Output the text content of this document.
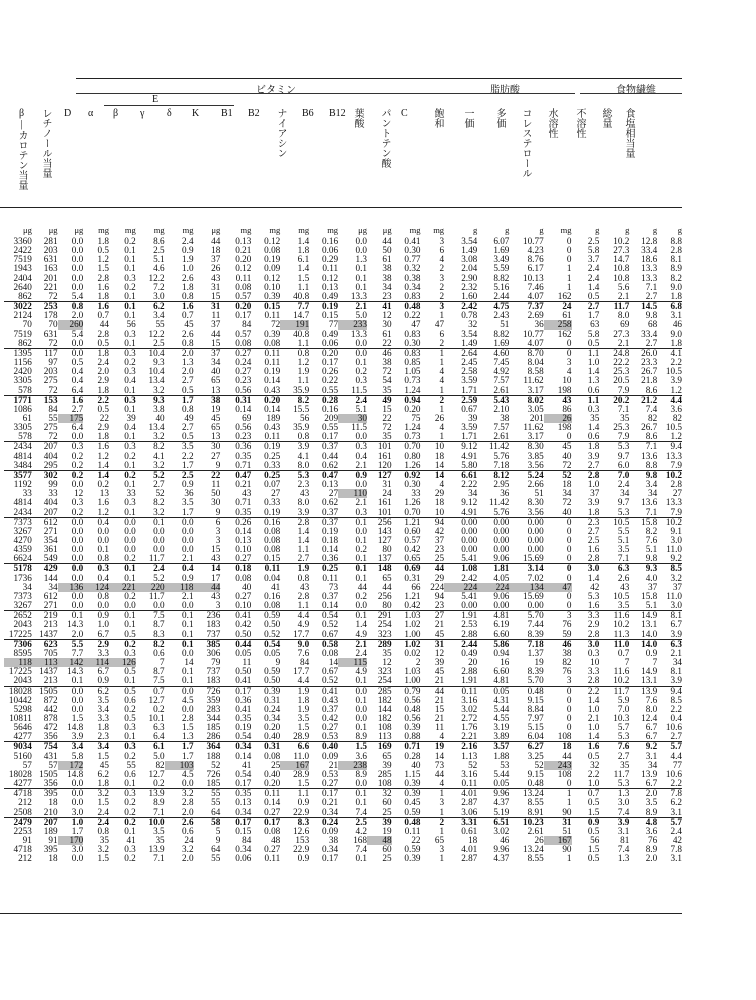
ビタミン	脂肪酸	食物繊維
E
β|カロテン当量 レチノール当量 D α β γ δ K B1 B2 ナイアシン B6 B12 葉酸 パントテン酸 C 飽和 一価 多価 コレステロール 水溶性 不溶性 総量 食塩相当量
μg	μg	μg	mg	mg	mg	mg	μg	mg	mg	mg	mg	μg	μg	mg	mg	g	g	g	mg	g	g	g	g
3360	281	0.0	1.8	0.2	8.6	2.4	44	0.13	0.12	1.4	0.16	0.0	44	0.41	3	3.54	6.07	10.77	0	2.5	10.2	12.8	8.8
2422	203	0.0	0.5	0.1	2.5	0.9	18	0.21	0.08	1.8	0.06	0.0	50	0.30	6	1.49	1.69	4.23	0	5.8	27.3	33.4	2.8
7519	631	0.0	1.2	0.1	5.1	1.9	37	0.20	0.19	6.1	0.29	1.3	61	0.77	4	3.08	3.49	8.76	0	3.7	14.7	18.6	8.1
1943	163	0.0	1.5	0.1	4.6	1.0	26	0.12	0.09	1.4	0.11	0.1	38	0.32	2	2.04	5.59	6.17	1	2.4	10.8	13.3	8.9
2404	201	0.0	2.8	0.3	12.2	2.6	43	0.11	0.12	1.5	0.12	0.1	38	0.38	3	2.90	8.82	10.13	1	2.4	10.8	13.3	8.2
2640	221	0.0	1.6	0.2	7.2	1.8	31	0.08	0.10	1.1	0.13	0.1	34	0.34	2	2.32	5.16	7.46	1	1.4	5.6	7.1	9.0
862	72	5.4	1.8	0.1	3.0	0.8	15	0.57	0.39	40.8	0.49	13.3	23	0.83	2	1.60	2.44	4.07	162	0.5	2.1	2.7	1.8
3022	253	0.8	1.6	0.1	6.2	1.6	31	0.20	0.15	7.7	0.19	2.1	41	0.48	3	2.42	4.75	7.37	24	2.7	11.7	14.5	6.8
2124	178	2.0	0.7	0.1	3.4	0.7	11	0.17	0.11	14.7	0.15	5.0	12	0.22	1	0.78	2.43	2.69	61	1.7	8.0	9.8	3.1
70	70	260	44	56	55	45	37	84	72	191	77	233	30	47	47	32	51	36	258	63	69	68	46
7519	631	5.4	2.8	0.3	12.2	2.6	44	0.57	0.39	40.8	0.49	13.3	61	0.83	6	3.54	8.82	10.77	162	5.8	27.3	33.4	9.0
862	72	0.0	0.5	0.1	2.5	0.8	15	0.08	0.08	1.1	0.06	0.0	22	0.30	2	1.49	1.69	4.07	0	0.5	2.1	2.7	1.8
1395	117	0.0	1.8	0.3	10.4	2.0	37	0.27	0.11	0.8	0.20	0.0	46	0.83	1	2.64	4.60	8.70	0	1.1	24.8	26.0	4.1
1156	97	0.5	2.4	0.2	9.3	1.3	34	0.24	0.11	1.2	0.17	0.1	38	0.85	1	2.45	7.45	8.04	3	1.0	22.2	23.3	2.2
2420	203	0.4	2.0	0.3	10.4	2.0	40	0.27	0.19	1.9	0.26	0.2	72	1.05	4	2.58	4.92	8.58	4	1.4	25.3	26.7	10.5
3305	275	0.4	2.9	0.4	13.4	2.7	65	0.23	0.14	1.1	0.22	0.3	54	0.73	4	3.59	7.57	11.62	10	1.3	20.5	21.8	3.9
578	72	6.4	1.8	0.1	3.2	0.5	13	0.56	0.43	35.9	0.55	11.5	35	1.24	1	1.71	2.61	3.17	198	0.6	7.9	8.6	1.2
1771	153	1.6	2.2	0.3	9.3	1.7	38	0.31	0.20	8.2	0.28	2.4	49	0.94	2	2.59	5.43	8.02	43	1.1	20.2	21.2	4.4
1086	84	2.7	0.5	0.1	3.8	0.8	19	0.14	0.14	15.5	0.16	5.1	15	0.20	1	0.67	2.10	3.05	86	0.3	7.1	7.4	3.6
61	55	175	22	39	40	49	45	69	189	56	209	30	22	75	26	39	38	201	26	35	35	82	82
3305	275	6.4	2.9	0.4	13.4	2.7	65	0.56	0.43	35.9	0.55	11.5	72	1.24	4	3.59	7.57	11.62	198	1.4	25.3	26.7	10.5
578	72	0.0	1.8	0.1	3.2	0.5	13	0.23	0.11	0.8	0.17	0.0	35	0.73	1	1.71	2.61	3.17	0	0.6	7.9	8.6	1.2
2434	207	0.3	1.6	0.3	8.2	3.5	30	0.36	0.19	3.9	0.37	0.3	101	0.70	10	9.12	11.42	8.30	45	1.8	5.3	7.1	9.4
4814	404	0.2	1.2	0.2	4.1	2.2	27	0.35	0.25	4.1	0.44	0.4	161	0.80	18	4.91	5.76	3.85	40	3.9	9.7	13.6	13.3
3484	295	0.2	1.4	0.1	3.2	1.7	9	0.71	0.33	8.0	0.62	2.1	120	1.26	14	5.80	7.18	3.56	72	2.7	6.0	8.8	7.9
3577	302	0.2	1.4	0.2	5.2	2.5	22	0.47	0.25	5.3	0.47	0.9	127	0.92	14	6.61	8.12	5.24	52	2.8	7.0	9.8	10.2
1192	99	0.0	0.2	0.1	2.7	0.9	11	0.21	0.07	2.3	0.13	0.0	31	0.30	4	2.22	2.95	2.66	18	1.0	2.4	3.4	2.8
33	33	12	13	33	52	36	50	43	27	43	27	110	24	33	29	34	36	51	34	37	34	34	27
4814	404	0.3	1.6	0.3	8.2	3.5	30	0.71	0.33	8.0	0.62	2.1	161	1.26	18	9.12	11.42	8.30	72	3.9	9.7	13.6	13.3
2434	207	0.2	1.2	0.1	3.2	1.7	9	0.35	0.19	3.9	0.37	0.3	101	0.70	10	4.91	5.76	3.56	40	1.8	5.3	7.1	7.9
7373	612	0.0	0.4	0.0	0.1	0.0	6	0.26	0.16	2.8	0.37	0.1	256	1.21	94	0.00	0.00	0.00	0	2.3	10.5	15.8	10.2
3267	271	0.0	0.0	0.0	0.0	0.0	3	0.14	0.08	1.4	0.19	0.0	143	0.60	42	0.00	0.00	0.00	0	2.7	5.5	8.2	9.1
4270	354	0.0	0.0	0.0	0.0	0.0	3	0.13	0.08	1.4	0.18	0.1	127	0.57	37	0.00	0.00	0.00	0	2.5	5.1	7.6	3.0
4359	361	0.0	0.1	0.0	0.0	0.0	15	0.10	0.08	1.1	0.14	0.2	80	0.42	23	0.00	0.00	0.00	0	1.6	3.5	5.1	11.0
6624	549	0.0	0.8	0.2	11.7	2.1	43	0.27	0.15	2.7	0.36	0.1	137	0.65	25	5.41	9.06	15.69	0	2.8	7.1	9.8	9.2
5178	429	0.0	0.3	0.1	2.4	0.4	14	0.18	0.11	1.9	0.25	0.1	148	0.69	44	1.08	1.81	3.14	0	3.0	6.3	9.3	8.5
1736	144	0.0	0.4	0.1	5.2	0.9	17	0.08	0.04	0.8	0.11	0.1	65	0.31	29	2.42	4.05	7.02	0	1.4	2.6	4.0	3.2
34	34	136	124	221	220	118	44	40	41	43	73	44	44	66	224	224	224	134	47	42	43	37	37
7373	612	0.0	0.8	0.2	11.7	2.1	43	0.27	0.16	2.8	0.37	0.2	256	1.21	94	5.41	9.06	15.69	0	5.3	10.5	15.8	11.0
3267	271	0.0	0.0	0.0	0.0	0.0	3	0.10	0.08	1.1	0.14	0.0	80	0.42	23	0.00	0.00	0.00	0	1.6	3.5	5.1	3.0
2652	219	0.1	0.9	0.1	7.5	0.1	236	0.41	0.59	4.4	0.54	0.1	291	1.03	27	1.91	4.81	5.70	3	3.3	11.6	14.9	8.1
2043	213	14.3	1.0	0.1	8.7	0.1	183	0.42	0.50	4.9	0.52	1.4	254	1.02	21	2.53	6.19	7.44	76	2.9	10.2	13.1	6.7
17225	1437	2.0	6.7	0.5	8.3	0.1	737	0.50	0.52	17.7	0.67	4.9	323	1.00	45	2.88	6.60	8.39	59	2.8	11.3	14.0	3.9
7306	623	5.5	2.9	0.2	8.2	0.1	385	0.44	0.54	9.0	0.58	2.1	289	1.02	31	2.44	5.86	7.18	46	3.0	11.0	14.0	6.3
8595	705	7.7	3.3	0.3	0.6	0.0	306	0.05	0.05	7.6	0.08	2.4	35	0.02	12	0.49	0.94	1.37	38	0.3	0.7	0.9	2.1
118	113	142	114	126	7	14	79	11	9	84	14	115	12	2	39	20	16	19	82	10	7	7	34
17225	1437	14.3	6.7	0.5	8.7	0.1	737	0.50	0.59	17.7	0.67	4.9	323	1.03	45	2.88	6.60	8.39	76	3.3	11.6	14.9	8.1
2043	213	0.1	0.9	0.1	7.5	0.1	183	0.41	0.50	4.4	0.52	0.1	254	1.00	21	1.91	4.81	5.70	3	2.8	10.2	13.1	3.9
18028	1505	0.0	6.2	0.5	0.7	0.0	726	0.17	0.39	1.9	0.41	0.0	285	0.79	44	0.11	0.05	0.48	0	2.2	11.7	13.9	9.4
10442	872	0.0	3.5	0.6	12.7	4.5	359	0.36	0.31	1.8	0.43	0.1	182	0.56	21	3.16	4.31	9.15	0	1.4	5.9	7.6	8.5
5298	442	0.0	3.4	0.2	0.2	0.0	283	0.41	0.24	1.9	0.37	0.0	144	0.48	15	3.02	5.44	8.84	0	1.0	7.0	8.0	2.2
10811	878	1.5	3.3	0.5	10.1	2.8	344	0.35	0.34	3.5	0.42	0.0	182	0.56	21	2.72	4.55	7.97	0	2.1	10.3	12.4	0.4
5646	472	14.8	1.8	0.3	6.3	1.5	185	0.19	0.20	1.5	0.27	0.1	108	0.39	11	1.76	3.19	5.15	0	1.0	5.7	6.7	10.6
4277	356	3.9	2.3	0.1	6.4	1.3	286	0.54	0.40	28.9	0.53	8.9	113	0.88	4	2.21	3.89	6.04	108	1.4	5.3	6.7	2.7
9034	754	3.4	3.4	0.3	6.1	1.7	364	0.34	0.31	6.6	0.40	1.5	169	0.71	19	2.16	3.57	6.27	18	1.6	7.6	9.2	5.7
5160	431	5.8	1.5	0.2	5.0	1.7	188	0.14	0.08	11.0	0.09	3.6	65	0.28	14	1.13	1.88	3.25	44	0.5	2.7	3.1	4.4
57	57	172	45	55	82	103	52	41	25	167	21	238	39	40	73	52	53	52	243	32	35	34	77
18028	1505	14.8	6.2	0.6	12.7	4.5	726	0.54	0.40	28.9	0.53	8.9	285	1.15	44	3.16	5.44	9.15	108	2.2	11.7	13.9	10.6
4277	356	0.0	1.8	0.1	0.2	0.0	185	0.17	0.20	1.5	0.27	0.0	108	0.39	4	0.11	0.05	0.48	0	1.0	5.3	6.7	2.2
4718	395	0.0	3.2	0.3	13.9	3.2	55	0.35	0.11	1.1	0.17	0.1	32	0.39	1	4.01	9.96	13.24	1	0.7	1.3	2.0	7.8
212	18	0.0	1.5	0.2	8.9	2.8	55	0.13	0.14	0.9	0.21	0.1	60	0.45	3	2.87	4.37	8.55	1	0.5	3.0	3.5	6.2
2508	210	3.0	2.4	0.2	7.1	2.0	64	0.34	0.27	22.9	0.34	7.4	25	0.59	1	3.06	5.19	8.91	90	1.5	7.4	8.9	3.1
2479	207	1.0	2.4	0.2	10.0	2.6	58	0.17	0.17	8.3	0.24	2.5	39	0.48	2	3.31	6.51	10.23	31	0.9	3.9	4.8	5.7
2253	189	1.7	0.8	0.1	3.5	0.6	5	0.15	0.08	12.6	0.09	4.2	19	0.11	1	0.61	3.02	2.61	51	0.5	3.1	3.6	2.4
91	91	170	35	41	35	24	9	84	48	153	38	168	48	22	65	18	46	26	167	56	81	76	42
4718	395	3.0	3.2	0.3	13.9	3.2	64	0.34	0.27	22.9	0.34	7.4	60	0.59	3	4.01	9.96	13.24	90	1.5	7.4	8.9	7.8
212	18	0.0	1.5	0.2	7.1	2.0	55	0.06	0.11	0.9	0.17	0.1	25	0.39	1	2.87	4.37	8.55	1	0.5	1.3	2.0	3.1
